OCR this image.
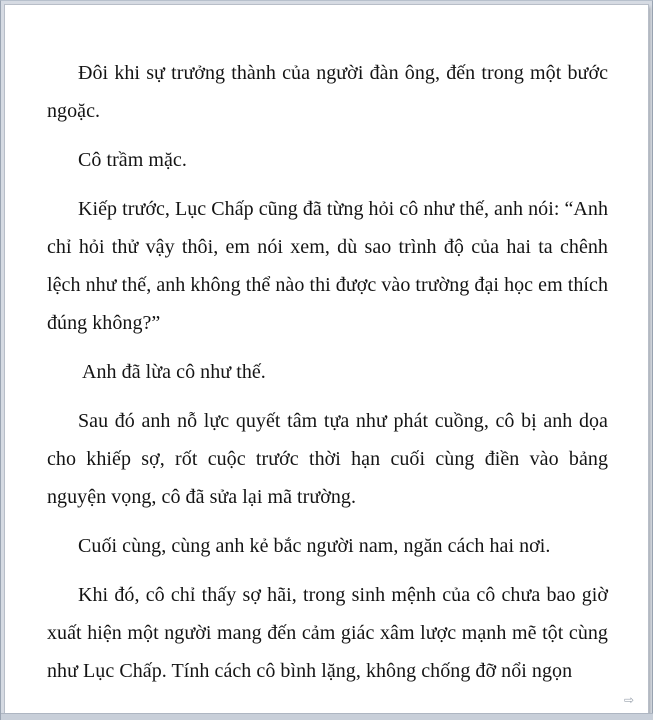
Đôi khi sự trưởng thành của người đàn ông, đến trong một bước ngoặc.

Cô trầm mặc.

Kiếp trước, Lục Chấp cũng đã từng hỏi cô như thế, anh nói: “Anh chỉ hỏi thử vậy thôi, em nói xem, dù sao trình độ của hai ta chênh lệch như thế, anh không thể nào thi được vào trường đại học em thích đúng không?”

Anh đã lừa cô như thế.

Sau đó anh nỗ lực quyết tâm tựa như phát cuồng, cô bị anh dọa cho khiếp sợ, rốt cuộc trước thời hạn cuối cùng điền vào bảng nguyện vọng, cô đã sửa lại mã trường.

Cuối cùng, cùng anh kẻ bắc người nam, ngăn cách hai nơi.

Khi đó, cô chỉ thấy sợ hãi, trong sinh mệnh của cô chưa bao giờ xuất hiện một người mang đến cảm giác xâm lược mạnh mẽ tột cùng như Lục Chấp. Tính cách cô bình lặng, không chống đỡ nổi ngọn

⇨
